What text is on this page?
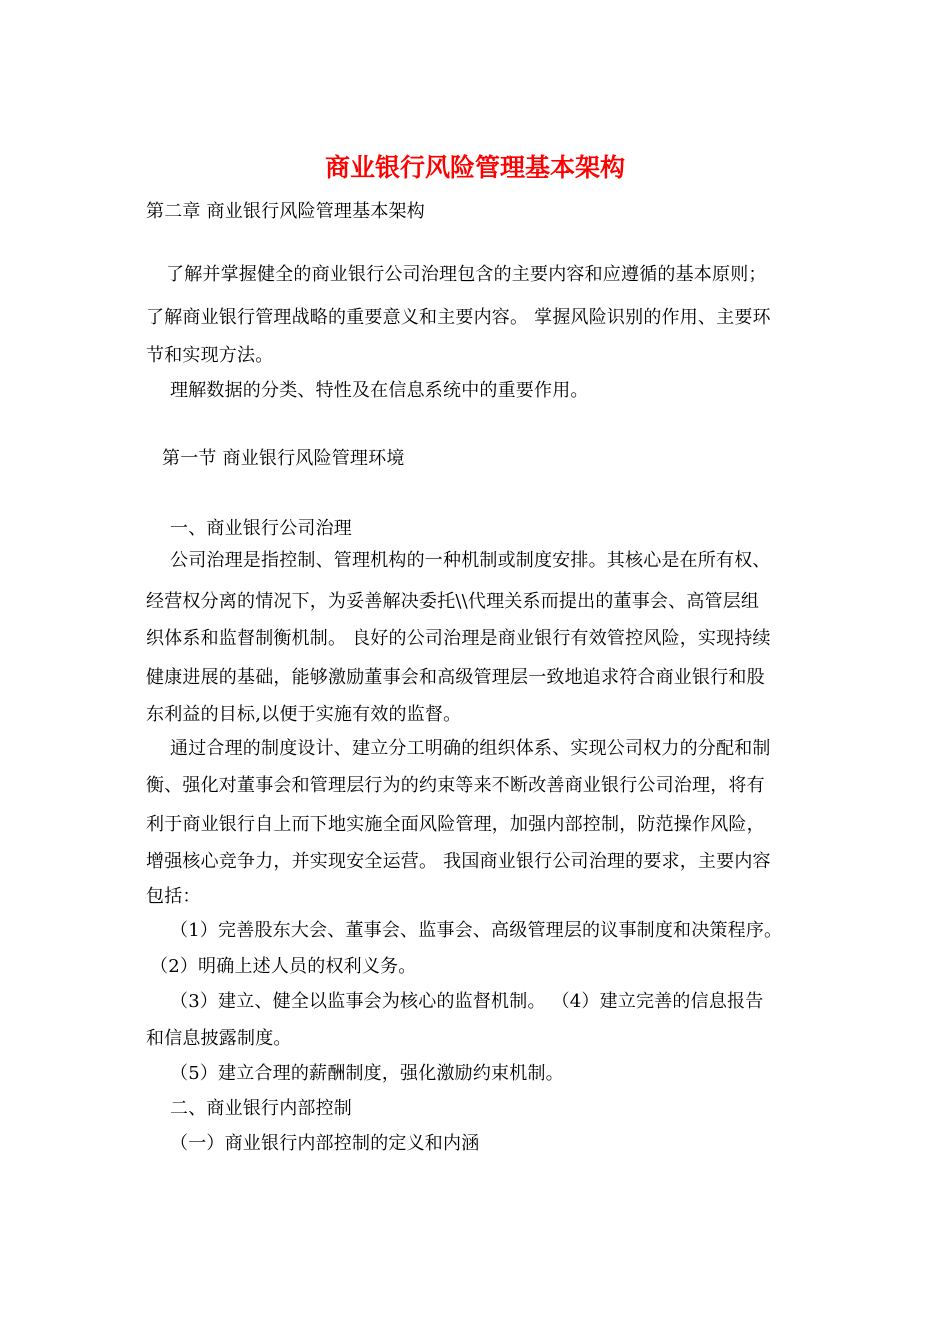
商业银行风险管理基本架构
第二章 商业银行风险管理基本架构
了解并掌握健全的商业银行公司治理包含的主要内容和应遵循的基本原则；
了解商业银行管理战略的重要意义和主要内容。 掌握风险识别的作用、主要环
节和实现方法。
理解数据的分类、特性及在信息系统中的重要作用。
第一节 商业银行风险管理环境
一、商业银行公司治理
公司治理是指控制、管理机构的一种机制或制度安排。其核心是在所有权、
经营权分离的情况下，为妥善解决委托\\代理关系而提出的董事会、高管层组
织体系和监督制衡机制。 良好的公司治理是商业银行有效管控风险，实现持续
健康进展的基础，能够激励董事会和高级管理层一致地追求符合商业银行和股
东利益的目标,以便于实施有效的监督。
通过合理的制度设计、建立分工明确的组织体系、实现公司权力的分配和制
衡、强化对董事会和管理层行为的约束等来不断改善商业银行公司治理，将有
利于商业银行自上而下地实施全面风险管理，加强内部控制，防范操作风险，
增强核心竞争力，并实现安全运营。 我国商业银行公司治理的要求，主要内容
包括：
（1）完善股东大会、董事会、监事会、高级管理层的议事制度和决策程序。
（2）明确上述人员的权利义务。
（3）建立、健全以监事会为核心的监督机制。 （4）建立完善的信息报告
和信息披露制度。
（5）建立合理的薪酬制度，强化激励约束机制。
二、商业银行内部控制
（一）商业银行内部控制的定义和内涵
